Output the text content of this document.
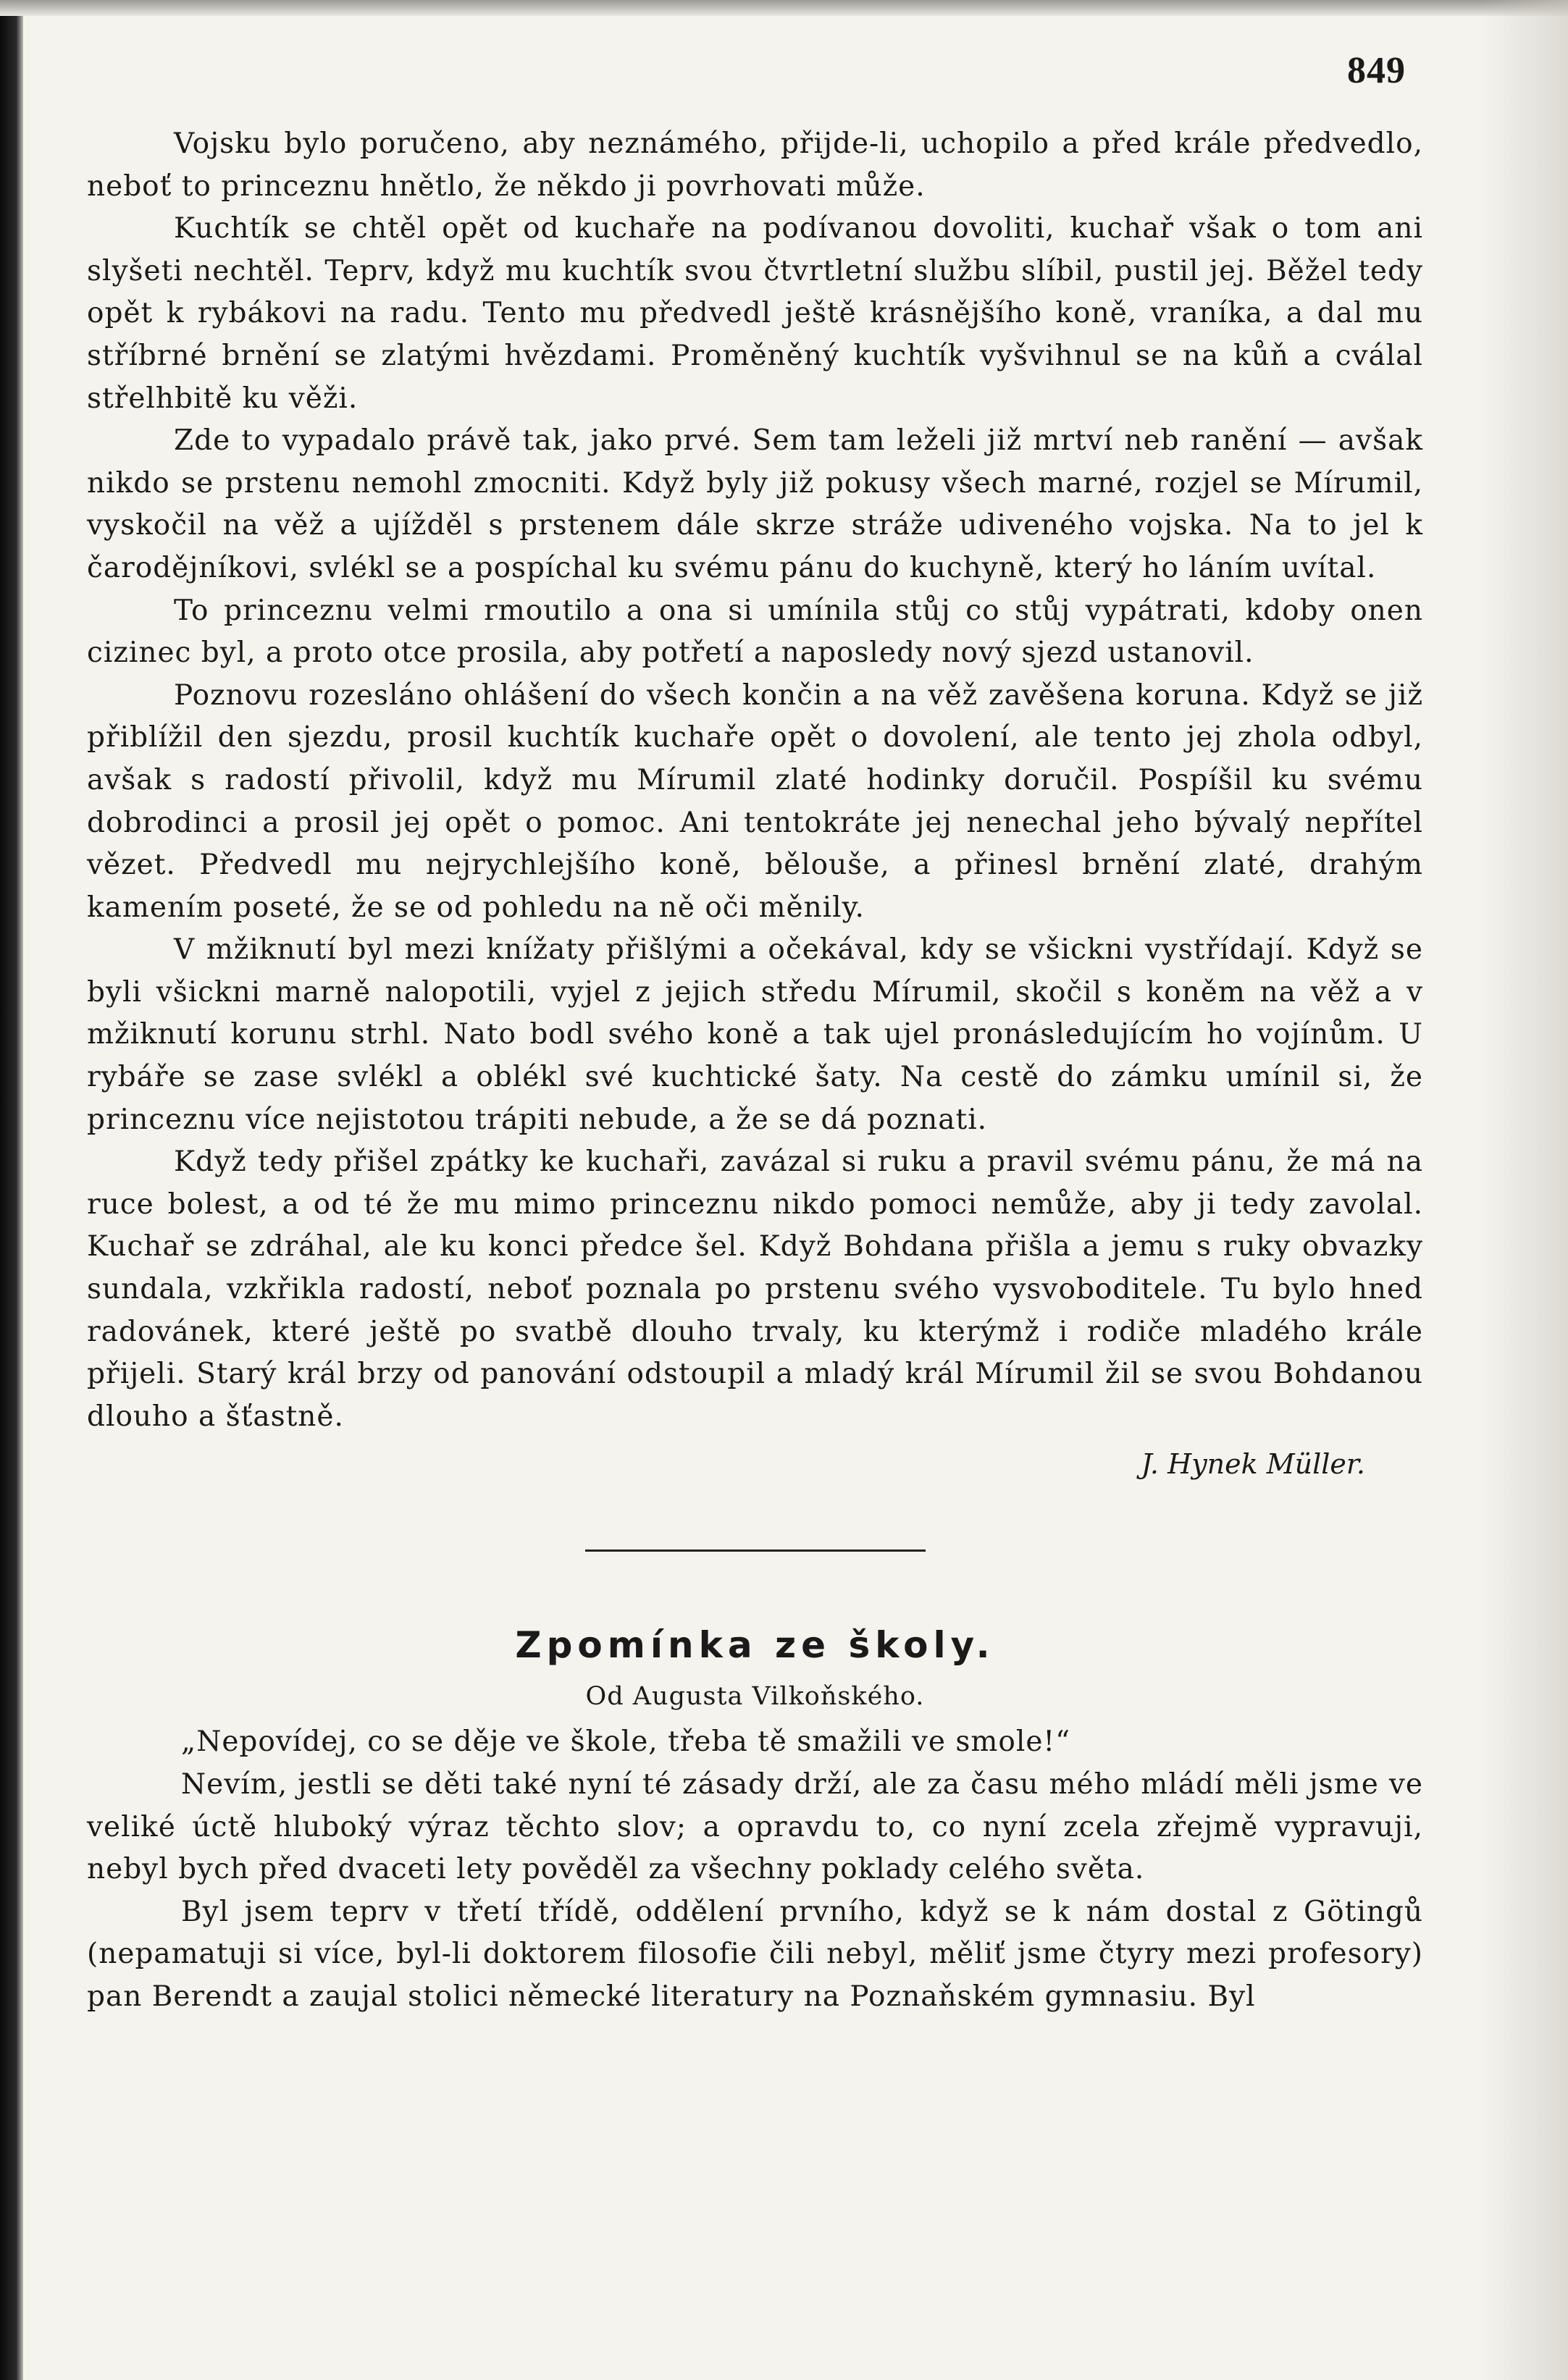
849

Vojsku bylo poručeno, aby neznámého, přijde-li, uchopilo a před krále předvedlo, neboť to princeznu hnětlo, že někdo ji povrhovati může.

Kuchtík se chtěl opět od kuchaře na podívanou dovoliti, kuchař však o tom ani slyšeti nechtěl. Teprv, když mu kuchtík svou čtvrtletní službu slíbil, pustil jej. Běžel tedy opět k rybákovi na radu. Tento mu předvedl ještě krásnějšího koně, vraníka, a dal mu stříbrné brnění se zlatými hvězdami. Proměněný kuchtík vyšvihnul se na kůň a cválal střelhbitě ku věži.

Zde to vypadalo právě tak, jako prvé. Sem tam leželi již mrtví neb ranění — avšak nikdo se prstenu nemohl zmocniti. Když byly již pokusy všech marné, rozjel se Mírumil, vyskočil na věž a ujížděl s prstenem dále skrze stráže udiveného vojska. Na to jel k čarodějníkovi, svlékl se a pospíchal ku svému pánu do kuchyně, který ho láním uvítal.

To princeznu velmi rmoutilo a ona si umínila stůj co stůj vypátrati, kdoby onen cizinec byl, a proto otce prosila, aby potřetí a naposledy nový sjezd ustanovil.

Poznovu rozesláno ohlášení do všech končin a na věž zavěšena koruna. Když se již přiblížil den sjezdu, prosil kuchtík kuchaře opět o dovolení, ale tento jej zhola odbyl, avšak s radostí přivolil, když mu Mírumil zlaté hodinky doručil. Pospíšil ku svému dobrodinci a prosil jej opět o pomoc. Ani tentokráte jej nenechal jeho bývalý nepřítel vězet. Předvedl mu nejrychlejšího koně, bělouše, a přinesl brnění zlaté, drahým kamením poseté, že se od pohledu na ně oči měnily.

V mžiknutí byl mezi knížaty přišlými a očekával, kdy se všickni vystřídají. Když se byli všickni marně nalopotili, vyjel z jejich středu Mírumil, skočil s koněm na věž a v mžiknutí korunu strhl. Nato bodl svého koně a tak ujel pronásledujícím ho vojínům. U rybáře se zase svlékl a oblékl své kuchtické šaty. Na cestě do zámku umínil si, že princeznu více nejistotou trápiti nebude, a že se dá poznati.

Když tedy přišel zpátky ke kuchaři, zavázal si ruku a pravil svému pánu, že má na ruce bolest, a od té že mu mimo princeznu nikdo pomoci nemůže, aby ji tedy zavolal. Kuchař se zdráhal, ale ku konci předce šel. Když Bohdana přišla a jemu s ruky obvazky sundala, vzkřikla radostí, neboť poznala po prstenu svého vysvoboditele. Tu bylo hned radovánek, které ještě po svatbě dlouho trvaly, ku kterýmž i rodiče mladého krále přijeli. Starý král brzy od panování odstoupil a mladý král Mírumil žil se svou Bohdanou dlouho a šťastně.

J. Hynek Müller.

Zpomínka ze školy.
Od Augusta Vilkoňského.

„Nepovídej, co se děje ve škole, třeba tě smažili ve smole!“

Nevím, jestli se děti také nyní té zásady drží, ale za času mého mládí měli jsme ve veliké úctě hluboký výraz těchto slov; a opravdu to, co nyní zcela zřejmě vypravuji, nebyl bych před dvaceti lety pověděl za všechny poklady celého světa.

Byl jsem teprv v třetí třídě, oddělení prvního, když se k nám dostal z Götingů (nepamatuji si více, byl-li doktorem filosofie čili nebyl, měliť jsme čtyry mezi profesory) pan Berendt a zaujal stolici německé literatury na Poznaňském gymnasiu. Byl
